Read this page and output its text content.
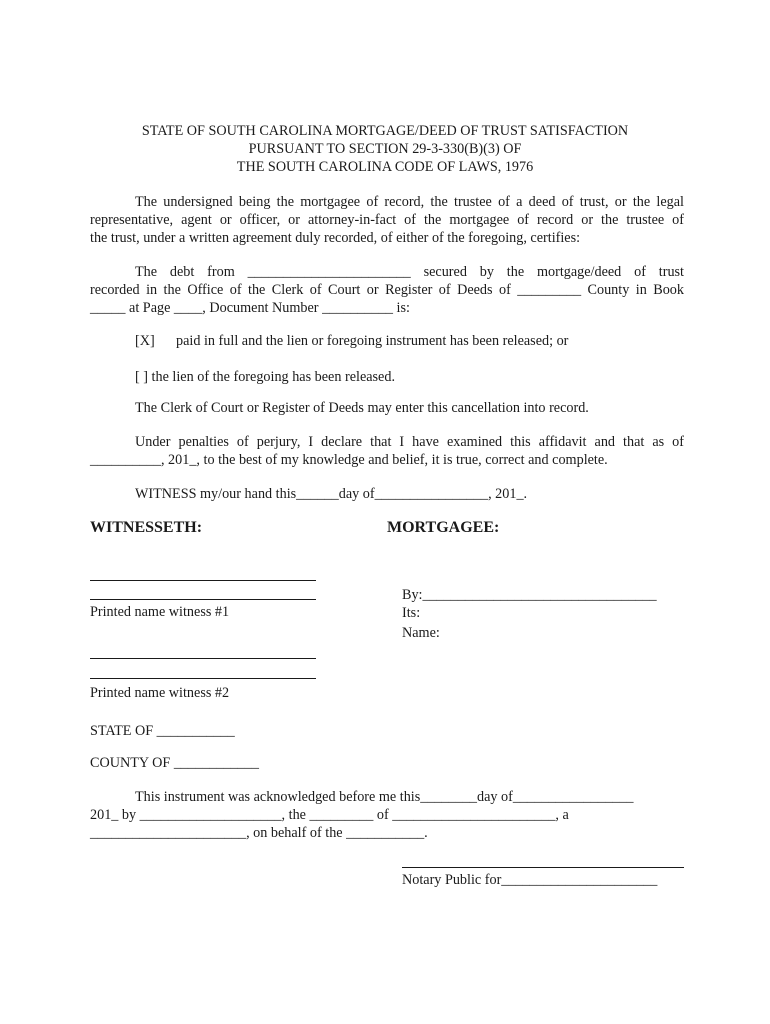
STATE OF SOUTH CAROLINA MORTGAGE/DEED OF TRUST SATISFACTION
PURSUANT TO SECTION 29-3-330(B)(3) OF
THE SOUTH CAROLINA CODE OF LAWS, 1976

The undersigned being the mortgagee of record, the trustee of a deed of trust, or the legal

representative, agent or officer, or attorney-in-fact of the mortgagee of record or the trustee of

the trust, under a written agreement duly recorded, of either of the foregoing, certifies:

The debt from _______________________ secured by the mortgage/deed of trust

recorded in the Office of the Clerk of Court or Register of Deeds of _________ County in Book

_____ at Page ____, Document Number __________ is:

[X] paid in full and the lien or foregoing instrument has been released; or
[ ] the lien of the foregoing has been released.
The Clerk of Court or Register of Deeds may enter this cancellation into record.

Under penalties of perjury, I declare that I have examined this affidavit and that as of

__________, 201_, to the best of my knowledge and belief, it is true, correct and complete.

WITNESS my/our hand this______day of________________, 201_.
WITNESSETH:	MORTGAGEE:
Printed name witness #1
By:_________________________________
Its:
Name:
Printed name witness #2
STATE OF ___________
COUNTY OF ____________

This instrument was acknowledged before me this________day of_________________

201_ by ____________________, the _________ of _______________________, a

______________________, on behalf of the ___________.

Notary Public for______________________
